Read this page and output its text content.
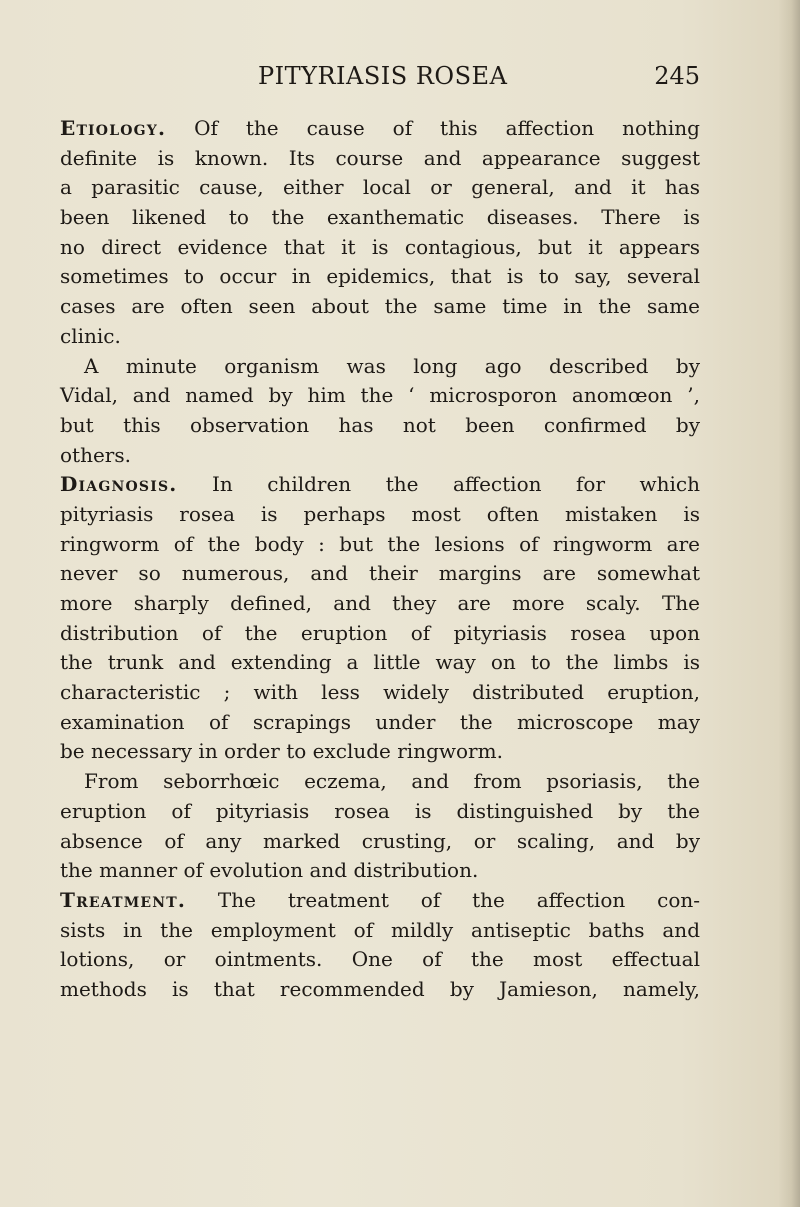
PITYRIASIS ROSEA	245
Etiology. Of the cause of this affection nothing
definite is known. Its course and appearance suggest
a parasitic cause, either local or general, and it has
been likened to the exanthematic diseases. There is
no direct evidence that it is contagious, but it appears
sometimes to occur in epidemics, that is to say, several
cases are often seen about the same time in the same
clinic.
A minute organism was long ago described by
Vidal, and named by him the ‘ microsporon anomœon ’,
but this observation has not been confirmed by
others.
Diagnosis. In children the affection for which
pityriasis rosea is perhaps most often mistaken is
ringworm of the body : but the lesions of ringworm are
never so numerous, and their margins are somewhat
more sharply defined, and they are more scaly. The
distribution of the eruption of pityriasis rosea upon
the trunk and extending a little way on to the limbs is
characteristic ; with less widely distributed eruption,
examination of scrapings under the microscope may
be necessary in order to exclude ringworm.
From seborrhœic eczema, and from psoriasis, the
eruption of pityriasis rosea is distinguished by the
absence of any marked crusting, or scaling, and by
the manner of evolution and distribution.
Treatment. The treatment of the affection con-
sists in the employment of mildly antiseptic baths and
lotions, or ointments. One of the most effectual
methods is that recommended by Jamieson, namely,
